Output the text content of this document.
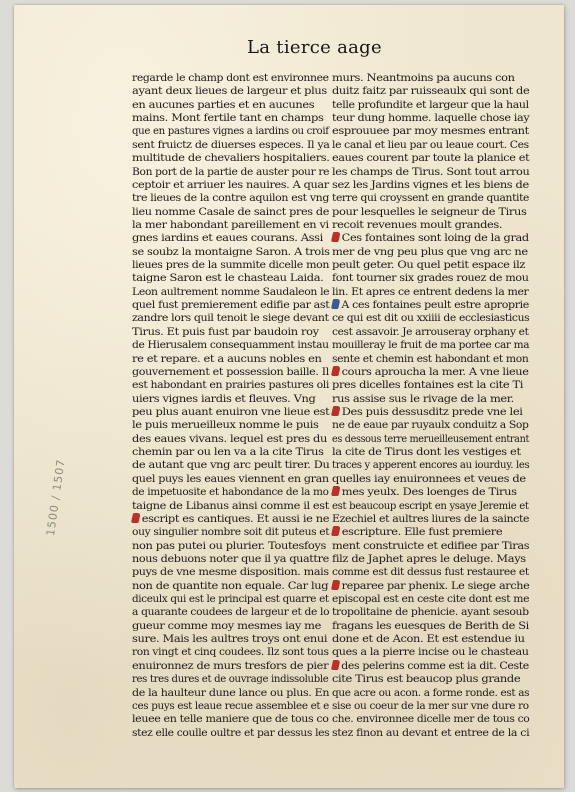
La tierce aage
regarde le champ dont est environnee
ayant deux lieues de largeur et plus
en aucunes parties et en aucunes
mains. Mont fertile tant en champs
que en pastures vignes a iardins ou croif
sent fruictz de diuerses especes. Il ya
multitude de chevaliers hospitaliers.
Bon port de la partie de auster pour re
ceptoir et arriuer les nauires. A quar
tre lieues de la contre aquilon est vng
lieu nomme Casale de sainct pres de
la mer habondant pareillement en vi
gnes iardins et eaues courans. Assi
se soubz la montaigne Saron. A trois
lieues pres de la summite dicelle mon
taigne Saron est le chasteau Laida.
Leon aultrement nomme Saudaleon le
quel fust premierement edifie par ast
zandre lors quil tenoit le siege devant
Tirus. Et puis fust par baudoin roy
de Hierusalem consequamment instau
re et repare. et a aucuns nobles en
gouvernement et possession baille. Il
est habondant en prairies pastures oli
uiers vignes iardis et fleuves. Vng
peu plus auant enuiron vne lieue est
le puis merueilleux nomme le puis
des eaues vivans. lequel est pres du
chemin par ou len va a la cite Tirus
de autant que vng arc peult tirer. Du
quel puys les eaues viennent en gran
de impetuosite et habondance de la mo
taigne de Libanus ainsi comme il est
escript es cantiques. Et aussi ie ne
ouy singulier nombre soit dit puteus et
non pas putei ou plurier. Toutesfoys
nous debuons noter que il ya quattre
puys de vne mesme disposition. mais
non de quantite non equale. Car lug
diceulx qui est le principal est quarre et
a quarante coudees de largeur et de lo
gueur comme moy mesmes iay me
sure. Mais les aultres troys ont enui
ron vingt et cinq coudees. Ilz sont tous
enuironnez de murs tresfors de pier
res tres dures et de ouvrage indissoluble
de la haulteur dune lance ou plus. En
ces puys est leaue recue assemblee et e
leuee en telle maniere que de tous co
stez elle coulle oultre et par dessus les
murs. Neantmoins pa aucuns con
duitz faitz par ruisseaulx qui sont de
telle profundite et largeur que la haul
teur dung homme. laquelle chose iay
esprouuee par moy mesmes entrant
le canal et lieu par ou leaue court. Ces
eaues courent par toute la planice et
les champs de Tirus. Sont tout arrou
sez les Jardins vignes et les biens de
terre qui croyssent en grande quantite
pour lesquelles le seigneur de Tirus
recoit revenues moult grandes.
Ces fontaines sont loing de la grad
mer de vng peu plus que vng arc ne
peult geter. Ou quel petit espace ilz
font tourner six grades rouez de mou
lin. Et apres ce entrent dedens la mer
A ces fontaines peult estre aproprie
ce qui est dit ou xxiiii de ecclesiasticus
cest assavoir. Je arrouseray orphany et
mouilleray le fruit de ma portee car ma
sente et chemin est habondant et mon
cours aproucha la mer. A vne lieue
pres dicelles fontaines est la cite Ti
rus assise sus le rivage de la mer.
Des puis dessusditz prede vne lei
ne de eaue par ruyaulx conduitz a Sop
es dessous terre merueilleusement entrant
la cite de Tirus dont les vestiges et
traces y apperent encores au iourduy. les
quelles iay enuironnees et veues de
mes yeulx. Des loenges de Tirus
est beaucoup escript en ysaye Jeremie et
Ezechiel et aultres liures de la saincte
escripture. Elle fust premiere
ment construicte et edifiee par Tiras
filz de Japhet apres le deluge. Mays
comme est dit dessus fust restauree et
reparee par phenix. Le siege arche
episcopal est en ceste cite dont est me
tropolitaine de phenicie. ayant sesoub
fragans les euesques de Berith de Si
done et de Acon. Et est estendue iu
ques a la pierre incise ou le chasteau
des pelerins comme est ia dit. Ceste
cite Tirus est beaucop plus grande
que acre ou acon. a forme ronde. est as
sise ou coeur de la mer sur vne dure ro
che. environnee dicelle mer de tous co
stez finon au devant et entree de la ci
1500 / 1507
